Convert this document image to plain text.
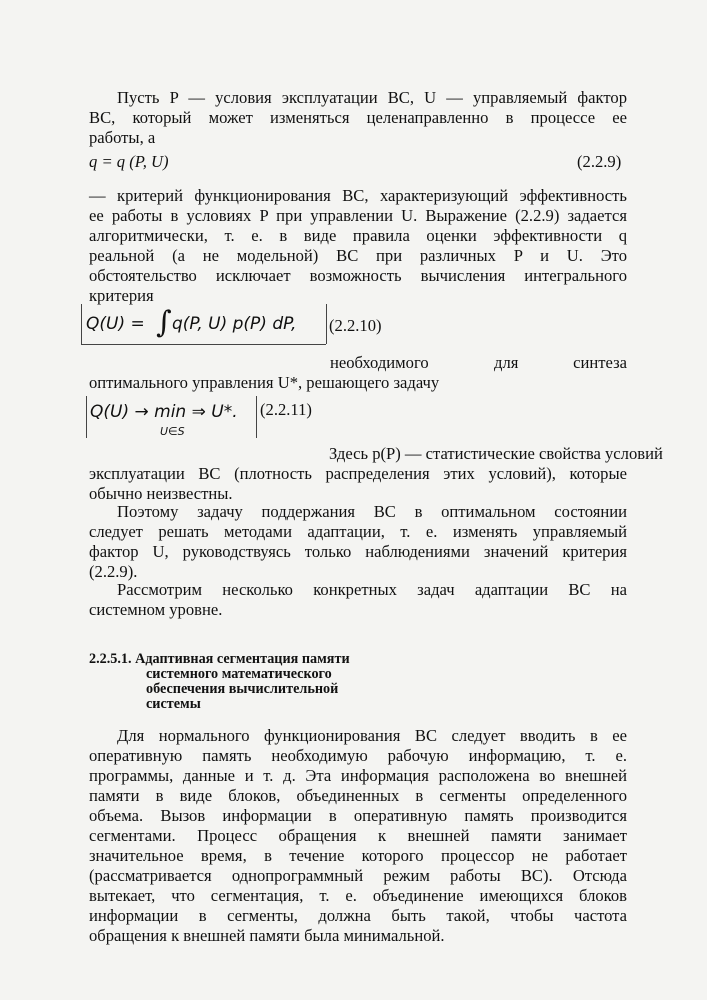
Пусть P — условия эксплуатации ВС, U — управляемый фактор
ВС, который может изменяться целенаправленно в процессе ее
работы, а
q = q (P, U)	(2.2.9)
— критерий функционирования ВС, характеризующий эффективность
ее работы в условиях P при управлении U. Выражение (2.2.9) задается
алгоритмически, т. е. в виде правила оценки эффективности q
реальной (а не модельной) ВС при различных P и U. Это
обстоятельство исключает возможность вычисления интегрального
критерия
Q(U) = ∫ q(P, U) p(P) dP, (2.2.10)
необходимого	для	синтеза
оптимального управления U*, решающего задачу
Q(U) → min ⇒ U*.
U∈S
(2.2.11)
Здесь p(P) — статистические свойства условий
эксплуатации ВС (плотность распределения этих условий), которые
обычно неизвестны.
Поэтому задачу поддержания ВС в оптимальном состоянии
следует решать методами адаптации, т. е. изменять управляемый
фактор U, руководствуясь только наблюдениями значений критерия
(2.2.9).
Рассмотрим несколько конкретных задач адаптации ВС на
системном уровне.
2.2.5.1. Адаптивная сегментация памяти
системного математического
обеспечения вычислительной
системы
Для нормального функционирования ВС следует вводить в ее
оперативную память необходимую рабочую информацию, т. е.
программы, данные и т. д. Эта информация расположена во внешней
памяти в виде блоков, объединенных в сегменты определенного
объема. Вызов информации в оперативную память производится
сегментами. Процесс обращения к внешней памяти занимает
значительное время, в течение которого процессор не работает
(рассматривается однопрограммный режим работы ВС). Отсюда
вытекает, что сегментация, т. е. объединение имеющихся блоков
информации в сегменты, должна быть такой, чтобы частота
обращения к внешней памяти была минимальной.
